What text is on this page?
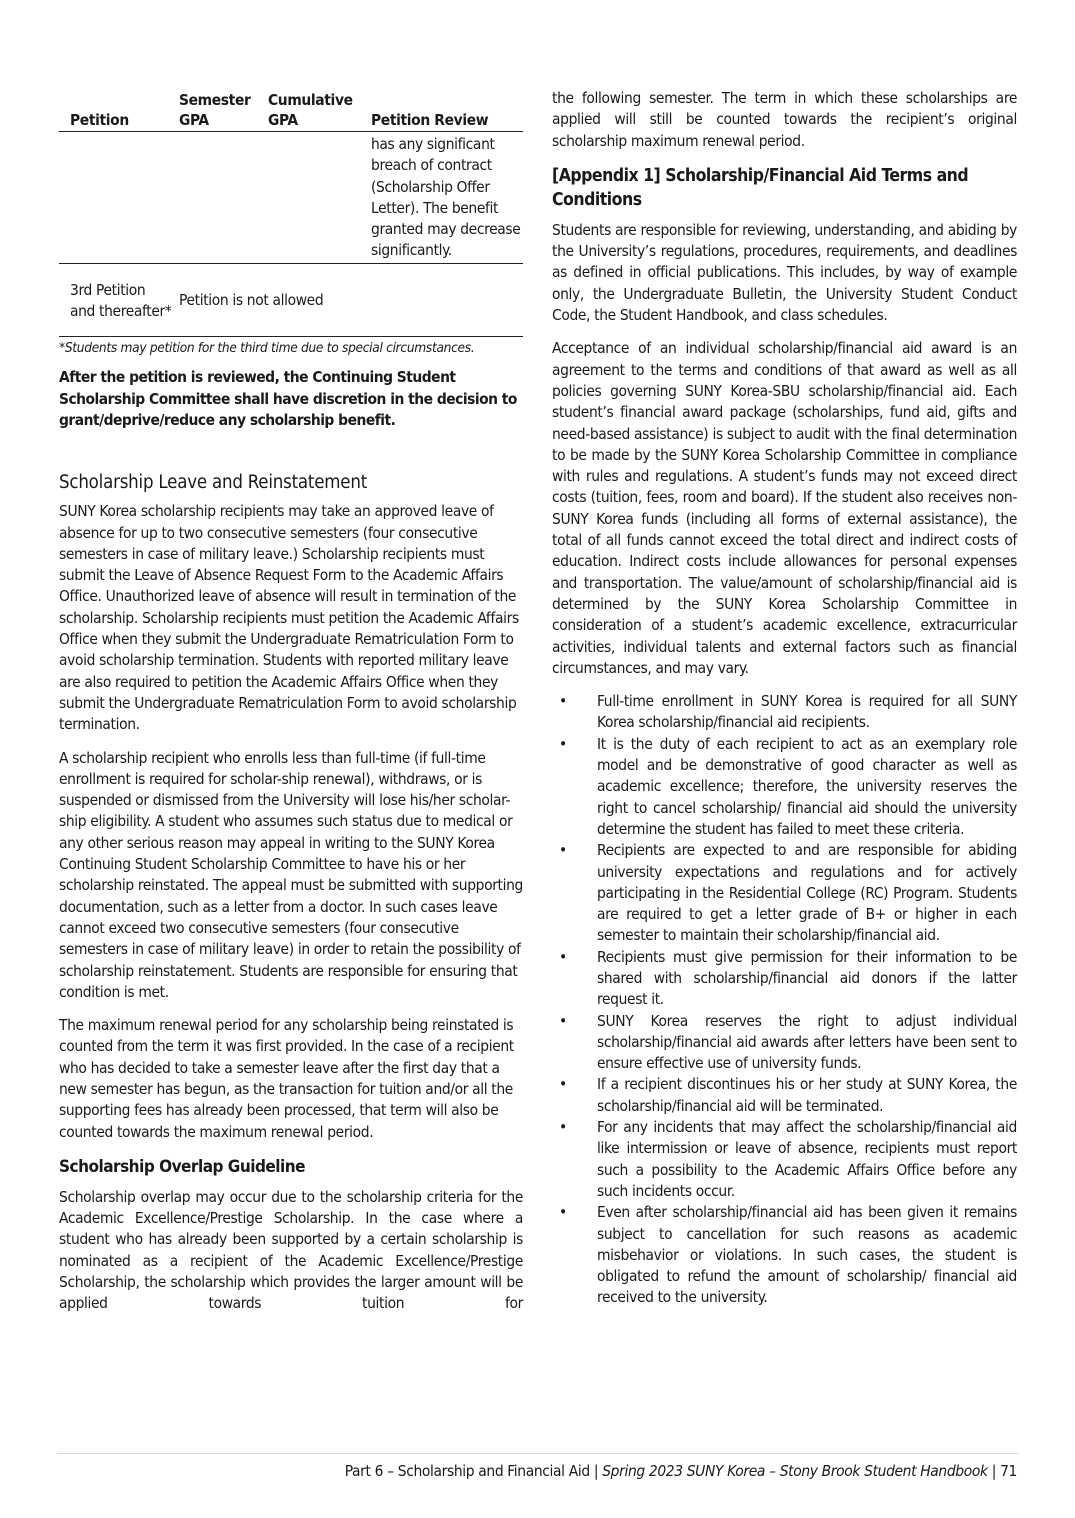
Petition	Semester GPA	Cumulative GPA	Petition Review
			has any significant breach of contract (Scholarship Offer Letter). The benefit granted may decrease significantly.
3rd Petition and thereafter*	Petition is not allowed		
*Students may petition for the third time due to special circumstances.
After the petition is reviewed, the Continuing Student Scholarship Committee shall have discretion in the decision to grant/deprive/reduce any scholarship benefit.
Scholarship Leave and Reinstatement

SUNY Korea scholarship recipients may take an approved leave of absence for up to two consecutive semesters (four consecutive semesters in case of military leave.) Scholarship recipients must submit the Leave of Absence Request Form to the Academic Affairs Office. Unauthorized leave of absence will result in termination of the scholarship. Scholarship recipients must petition the Academic Affairs Office when they submit the Undergraduate Rematriculation Form to avoid scholarship termination. Students with reported military leave are also required to petition the Academic Affairs Office when they submit the Undergraduate Rematriculation Form to avoid scholarship termination.

A scholarship recipient who enrolls less than full-time (if full-time enrollment is required for scholar-ship renewal), withdraws, or is suspended or dismissed from the University will lose his/her scholar-ship eligibility. A student who assumes such status due to medical or any other serious reason may appeal in writing to the SUNY Korea Continuing Student Scholarship Committee to have his or her scholarship reinstated. The appeal must be submitted with supporting documentation, such as a letter from a doctor. In such cases leave cannot exceed two consecutive semesters (four consecutive semesters in case of military leave) in order to retain the possibility of scholarship reinstatement. Students are responsible for ensuring that condition is met.

The maximum renewal period for any scholarship being reinstated is counted from the term it was first provided. In the case of a recipient who has decided to take a semester leave after the first day that a new semester has begun, as the transaction for tuition and/or all the supporting fees has already been processed, that term will also be counted towards the maximum renewal period.

Scholarship Overlap Guideline

Scholarship overlap may occur due to the scholarship criteria for the Academic Excellence/Prestige Scholarship. In the case where a student who has already been supported by a certain scholarship is nominated as a recipient of the Academic Excellence/Prestige Scholarship, the scholarship which provides the larger amount will be applied towards tuition for

the following semester. The term in which these scholarships are applied will still be counted towards the recipient’s original scholarship maximum renewal period.

[Appendix 1] Scholarship/Financial Aid Terms and Conditions

Students are responsible for reviewing, understanding, and abiding by the University’s regulations, procedures, requirements, and deadlines as defined in official publications. This includes, by way of example only, the Undergraduate Bulletin, the University Student Conduct Code, the Student Handbook, and class schedules.

Acceptance of an individual scholarship/financial aid award is an agreement to the terms and conditions of that award as well as all policies governing SUNY Korea-SBU scholarship/financial aid. Each student’s financial award package (scholarships, fund aid, gifts and need-based assistance) is subject to audit with the final determination to be made by the SUNY Korea Scholarship Committee in compliance with rules and regulations. A student’s funds may not exceed direct costs (tuition, fees, room and board). If the student also receives non-SUNY Korea funds (including all forms of external assistance), the total of all funds cannot exceed the total direct and indirect costs of education. Indirect costs include allowances for personal expenses and transportation. The value/amount of scholarship/financial aid is determined by the SUNY Korea Scholarship Committee in consideration of a student’s academic excellence, extracurricular activities, individual talents and external factors such as financial circumstances, and may vary.

• Full-time enrollment in SUNY Korea is required for all SUNY Korea scholarship/financial aid recipients.
• It is the duty of each recipient to act as an exemplary role model and be demonstrative of good character as well as academic excellence; therefore, the university reserves the right to cancel scholarship/ financial aid should the university determine the student has failed to meet these criteria.
• Recipients are expected to and are responsible for abiding university expectations and regulations and for actively participating in the Residential College (RC) Program. Students are required to get a letter grade of B+ or higher in each semester to maintain their scholarship/financial aid.
• Recipients must give permission for their information to be shared with scholarship/financial aid donors if the latter request it.
• SUNY Korea reserves the right to adjust individual scholarship/financial aid awards after letters have been sent to ensure effective use of university funds.
• If a recipient discontinues his or her study at SUNY Korea, the scholarship/financial aid will be terminated.
• For any incidents that may affect the scholarship/financial aid like intermission or leave of absence, recipients must report such a possibility to the Academic Affairs Office before any such incidents occur.
• Even after scholarship/financial aid has been given it remains subject to cancellation for such reasons as academic misbehavior or violations. In such cases, the student is obligated to refund the amount of scholarship/ financial aid received to the university.
Part 6 – Scholarship and Financial Aid | Spring 2023 SUNY Korea – Stony Brook Student Handbook | 71
